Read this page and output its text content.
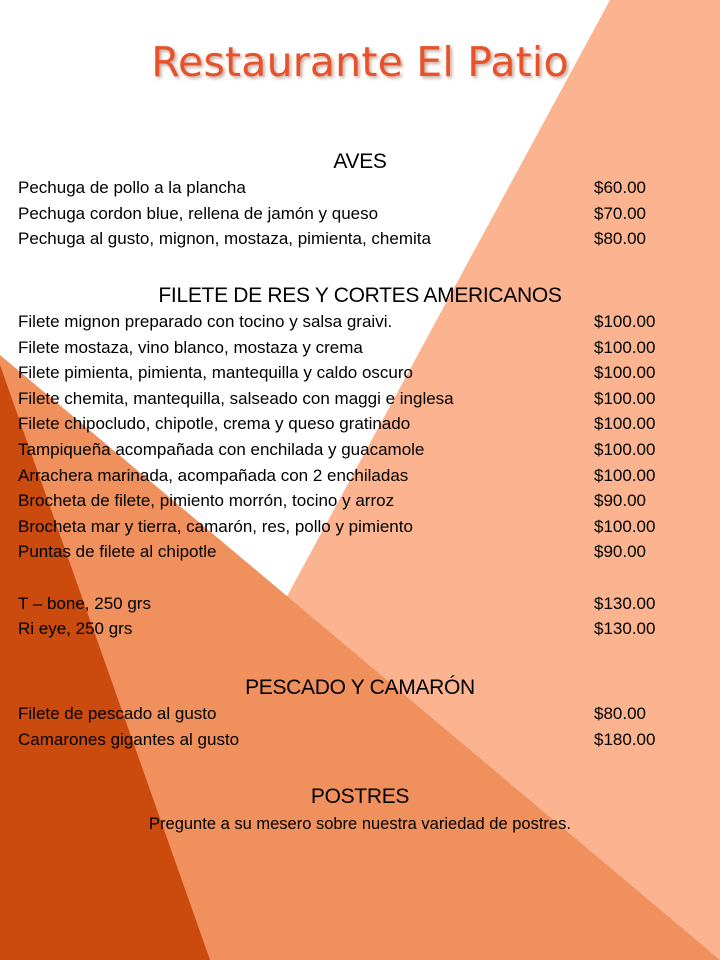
Restaurante El Patio
AVES
Pechuga de pollo a la plancha	$60.00
Pechuga cordon blue, rellena de jamón y queso	$70.00
Pechuga al gusto, mignon, mostaza, pimienta, chemita	$80.00
FILETE DE RES Y CORTES AMERICANOS
Filete mignon preparado con tocino y salsa graivi.	$100.00
Filete mostaza, vino blanco, mostaza y crema	$100.00
Filete pimienta, pimienta, mantequilla y caldo oscuro	$100.00
Filete chemita, mantequilla, salseado con maggi e inglesa	$100.00
Filete chipocludo, chipotle, crema y queso gratinado	$100.00
Tampiqueña acompañada con enchilada y guacamole	$100.00
Arrachera marinada, acompañada con 2 enchiladas	$100.00
Brocheta de filete, pimiento morrón, tocino y arroz	$90.00
Brocheta mar y tierra, camarón, res, pollo y pimiento	$100.00
Puntas de filete al chipotle	$90.00
T – bone, 250 grs	$130.00
Ri eye, 250 grs	$130.00
PESCADO Y CAMARÓN
Filete de pescado al gusto	$80.00
Camarones gigantes al gusto	$180.00
POSTRES
Pregunte a su mesero sobre nuestra variedad de postres.
